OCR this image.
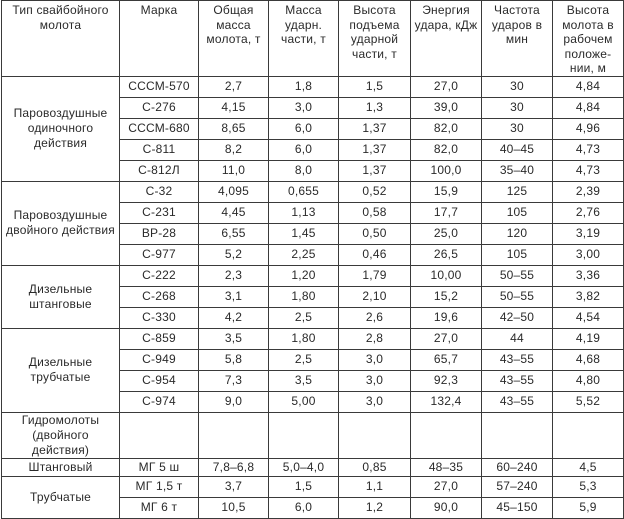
Тип свайбойного молота	Марка	Общая масса молота, т	Масса ударн. части, т	Высота подъема ударной части, т	Энергия удара, кДж	Частота ударов в мин	Высота молота в рабочем положе-нии, м
Паровоздушные одиночного действия	СССМ-570	2,7	1,8	1,5	27,0	30	4,84
	С-276	4,15	3,0	1,3	39,0	30	4,84
	СССМ-680	8,65	6,0	1,37	82,0	30	4,96
	С-811	8,2	6,0	1,37	82,0	40–45	4,73
	С-812Л	11,0	8,0	1,37	100,0	35–40	4,73
Паровоздушные двойного действия	С-32	4,095	0,655	0,52	15,9	125	2,39
	С-231	4,45	1,13	0,58	17,7	105	2,76
	ВР-28	6,55	1,45	0,50	25,0	120	3,19
	С-977	5,2	2,25	0,46	26,5	105	3,00
Дизельные штанговые	С-222	2,3	1,20	1,79	10,00	50–55	3,36
	С-268	3,1	1,80	2,10	15,2	50–55	3,82
	С-330	4,2	2,5	2,6	19,6	42–50	4,54
Дизельные трубчатые	С-859	3,5	1,80	2,8	27,0	44	4,19
	С-949	5,8	2,5	3,0	65,7	43–55	4,68
	С-954	7,3	3,5	3,0	92,3	43–55	4,80
	С-974	9,0	5,00	3,0	132,4	43–55	5,52
Гидромолоты (двойного действия)							
Штанговый	МГ 5 ш	7,8–6,8	5,0–4,0	0,85	48–35	60–240	4,5
Трубчатые	МГ 1,5 т	3,7	1,5	1,1	27,0	57–240	5,3
	МГ 6 т	10,5	6,0	1,2	90,0	45–150	5,9
